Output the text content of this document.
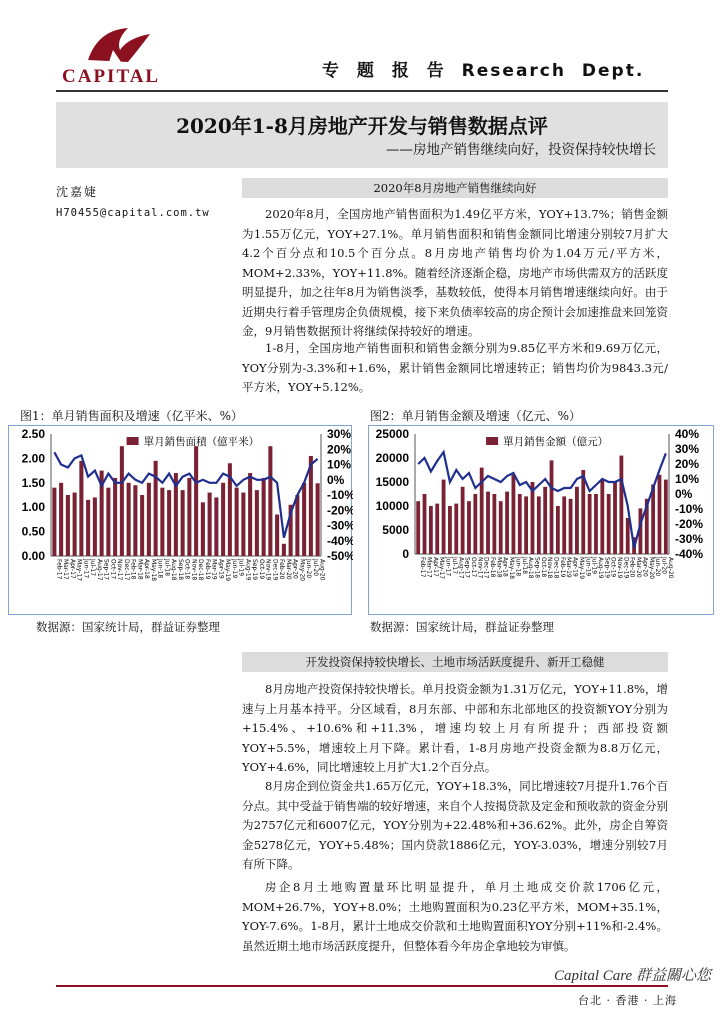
CAPITAL	专 题 报 告 Research Dept.
2020年1-8月房地产开发与销售数据点评
——房地产销售继续向好，投资保持较快增长
沈嘉婕
H70455@capital.com.tw
2020年8月房地产销售继续向好
2020年8月，全国房地产销售面积为1.49亿平方米，YOY+13.7%；销售金额为1.55万亿元，YOY+27.1%。单月销售面积和销售金额同比增速分别较7月扩大4.2个百分点和10.5个百分点。8月房地产销售均价为1.04万元/平方米，MOM+2.33%，YOY+11.8%。随着经济逐渐企稳，房地产市场供需双方的活跃度明显提升，加之往年8月为销售淡季，基数较低，使得本月销售增速继续向好。由于近期央行着手管理房企负债规模，接下来负债率较高的房企预计会加速推盘来回笼资金，9月销售数据预计将继续保持较好的增速。
1-8月，全国房地产销售面积和销售金额分别为9.85亿平方米和9.69万亿元，YOY分别为-3.3%和+1.6%，累计销售金额同比增速转正；销售均价为9843.3元/平方米，YOY+5.12%。
图1：单月销售面积及增速（亿平米、%）	图2：单月销售金额及增速（亿元、%）
0.00
0.50
1.00
1.50
2.00
2.50
-50%
-40%
-30%
-20%
-10%
0%
10%
20%
30%
單月銷售面積（億平米）
Feb-17 Mar-17 Apr-17 May-17 Jun-17 Jul-17 Aug-17 Sep-17 Oct-17 Nov-17 Dec-17 Feb-18 Mar-18 Apr-18 May-18 Jun-18 Jul-18 Aug-18 Sep-18 Oct-18 Nov-18 Dec-18 Feb-19 Mar-19 Apr-19 May-19 Jun-19 Jul-19 Aug-19 Sep-19 Oct-19 Nov-19 Dec-19 Feb-20 Mar-20 Apr-20 May-20 Jun-20 Jul-20 Aug-20
0
5000
10000
15000
20000
25000
-40%
-30%
-20%
-10%
0%
10%
20%
30%
40%
單月銷售金額（億元）
Feb-17 Mar-17 Apr-17 May-17 Jun-17 Jul-17 Aug-17 Sep-17 Oct-17 Nov-17 Dec-17 Feb-18 Mar-18 Apr-18 May-18 Jun-18 Jul-18 Aug-18 Sep-18 Oct-18 Nov-18 Dec-18 Feb-19 Mar-19 Apr-19 May-19 Jun-19 Jul-19 Aug-19 Sep-19 Oct-19 Nov-19 Dec-19 Feb-20 Mar-20 Apr-20 May-20 Jun-20 Jul-20 Aug-20
数据源：国家统计局，群益证券整理	数据源：国家统计局，群益证券整理
开发投资保持较快增长、土地市场活跃度提升、新开工稳健
8月房地产投资保持较快增长。单月投资金额为1.31万亿元，YOY+11.8%，增速与上月基本持平。分区域看，8月东部、中部和东北部地区的投资额YOY分别为+15.4%、+10.6%和+11.3%，增速均较上月有所提升；西部投资额YOY+5.5%，增速较上月下降。累计看，1-8月房地产投资金额为8.8万亿元，YOY+4.6%，同比增速较上月扩大1.2个百分点。
8月房企到位资金共1.65万亿元，YOY+18.3%，同比增速较7月提升1.76个百分点。其中受益于销售端的较好增速，来自个人按揭贷款及定金和预收款的资金分别为2757亿元和6007亿元，YOY分别为+22.48%和+36.62%。此外，房企自筹资金5278亿元，YOY+5.48%；国内贷款1886亿元，YOY-3.03%，增速分别较7月有所下降。
房企8月土地购置量环比明显提升，单月土地成交价款1706亿元，MOM+26.7%，YOY+8.0%；土地购置面积为0.23亿平方米，MOM+35.1%，YOY-7.6%。1-8月，累计土地成交价款和土地购置面积YOY分别+11%和-2.4%。虽然近期土地市场活跃度提升，但整体看今年房企拿地较为审慎。
Capital Care 群益關心您
台北 · 香港 · 上海
